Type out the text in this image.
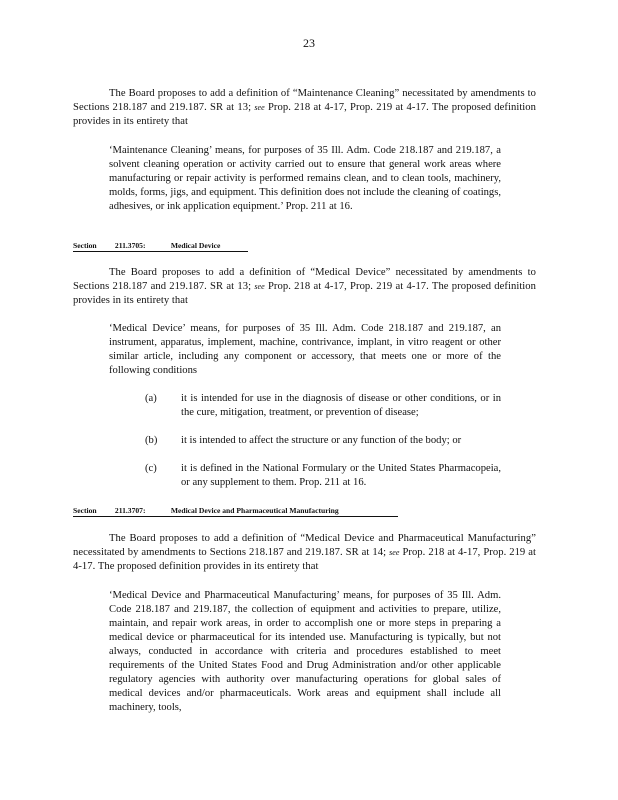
23
The Board proposes to add a definition of “Maintenance Cleaning” necessitated by amendments to Sections 218.187 and 219.187. SR at 13; see Prop. 218 at 4-17, Prop. 219 at 4-17. The proposed definition provides in its entirety that
‘Maintenance Cleaning’ means, for purposes of 35 Ill. Adm. Code 218.187 and 219.187, a solvent cleaning operation or activity carried out to ensure that general work areas where manufacturing or repair activity is performed remains clean, and to clean tools, machinery, molds, forms, jigs, and equipment. This definition does not include the cleaning of coatings, adhesives, or ink application equipment.’ Prop. 211 at 16.
Section 211.3705:	Medical Device
The Board proposes to add a definition of “Medical Device” necessitated by amendments to Sections 218.187 and 219.187. SR at 13; see Prop. 218 at 4-17, Prop. 219 at 4-17. The proposed definition provides in its entirety that
‘Medical Device’ means, for purposes of 35 Ill. Adm. Code 218.187 and 219.187, an instrument, apparatus, implement, machine, contrivance, implant, in vitro reagent or other similar article, including any component or accessory, that meets one or more of the following conditions
(a) it is intended for use in the diagnosis of disease or other conditions, or in the cure, mitigation, treatment, or prevention of disease;
(b) it is intended to affect the structure or any function of the body; or
(c) it is defined in the National Formulary or the United States Pharmacopeia, or any supplement to them. Prop. 211 at 16.
Section 211.3707:	Medical Device and Pharmaceutical Manufacturing
The Board proposes to add a definition of “Medical Device and Pharmaceutical Manufacturing” necessitated by amendments to Sections 218.187 and 219.187. SR at 14; see Prop. 218 at 4-17, Prop. 219 at 4-17. The proposed definition provides in its entirety that
‘Medical Device and Pharmaceutical Manufacturing’ means, for purposes of 35 Ill. Adm. Code 218.187 and 219.187, the collection of equipment and activities to prepare, utilize, maintain, and repair work areas, in order to accomplish one or more steps in preparing a medical device or pharmaceutical for its intended use. Manufacturing is typically, but not always, conducted in accordance with criteria and procedures established to meet requirements of the United States Food and Drug Administration and/or other applicable regulatory agencies with authority over manufacturing operations for global sales of medical devices and/or pharmaceuticals. Work areas and equipment shall include all machinery, tools,
